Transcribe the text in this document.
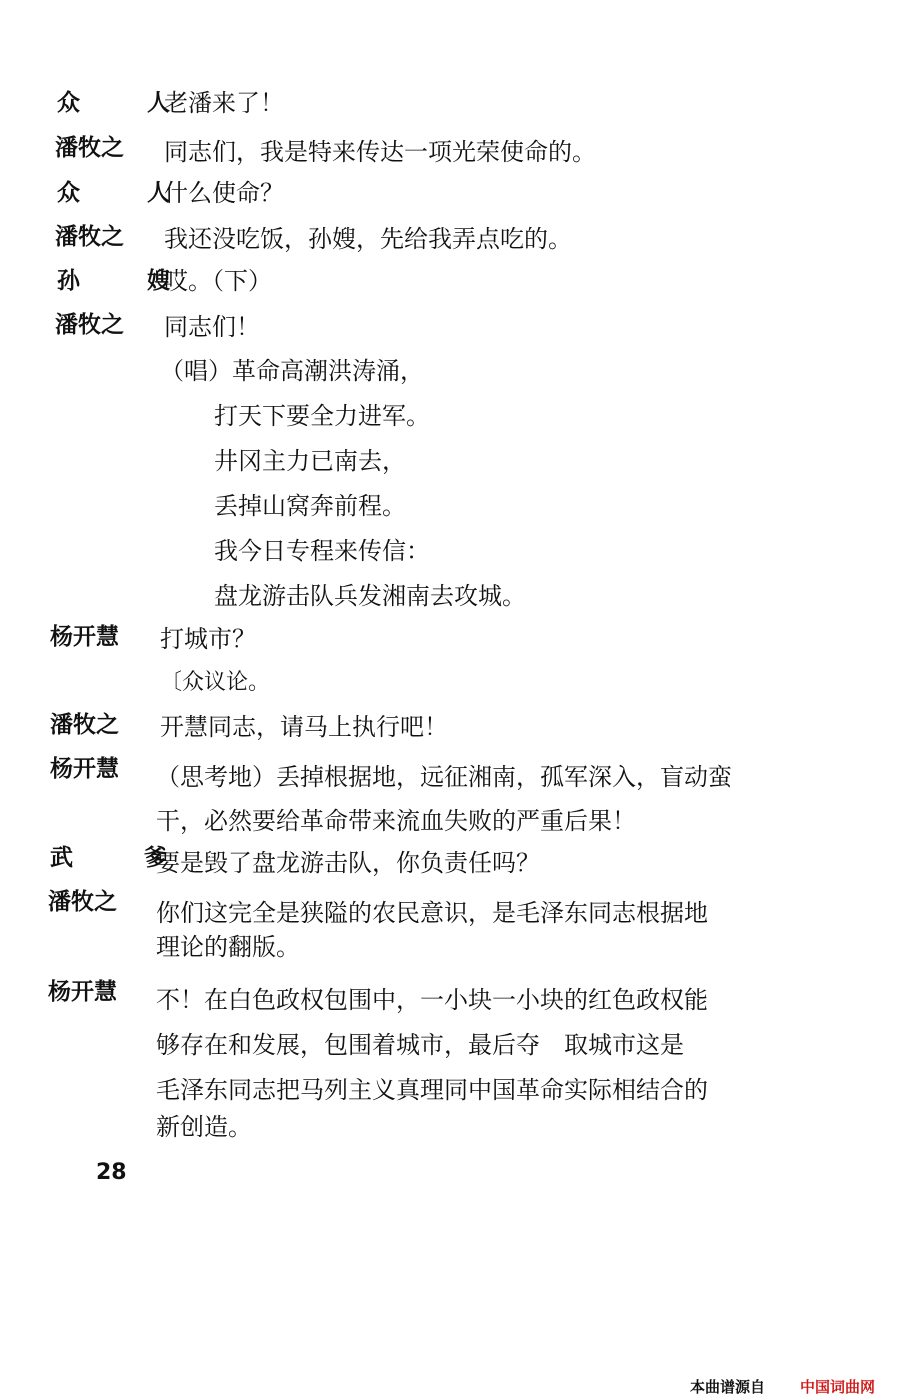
众　人
老潘来了！
潘牧之 同志们，我是特来传达一项光荣使命的。
众　人
什么使命？
潘牧之 我还没吃饭，孙嫂，先给我弄点吃的。
孙　嫂
哎。（下）
潘牧之 同志们！
（唱）革命高潮洪涛涌，
打天下要全力进军。
井冈主力已南去，
丢掉山窝奔前程。
我今日专程来传信：
盘龙游击队兵发湘南去攻城。
杨开慧 打城市？
〔众议论。
潘牧之 开慧同志，请马上执行吧！
杨开慧 （思考地）丢掉根据地，远征湘南，孤军深入，盲动蛮
干，必然要给革命带来流血失败的严重后果！
武　爹
要是毁了盘龙游击队，你负责任吗？
潘牧之 你们这完全是狭隘的农民意识，是毛泽东同志根据地
理论的翻版。
杨开慧 不！在白色政权包围中，一小块一小块的红色政权能
够存在和发展，包围着城市，最后夺　取城市这是
毛泽东同志把马列主义真理同中国革命实际相结合的
新创造。
28
本曲谱源自 中国词曲网
